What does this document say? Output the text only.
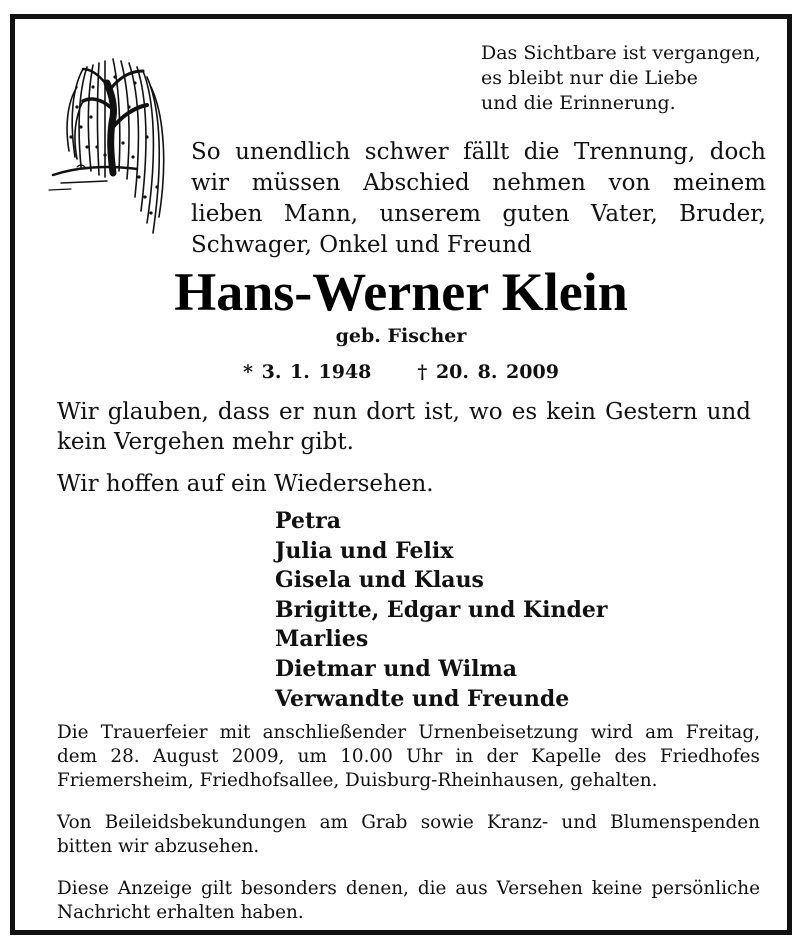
Das Sichtbare ist vergangen,
es bleibt nur die Liebe
und die Erinnerung.
So unendlich schwer fällt die Trennung, doch wir müssen Abschied nehmen von meinem lieben Mann, unserem guten Vater, Bruder, Schwager, Onkel und Freund
Hans-Werner Klein
geb. Fischer
* 3. 1. 1948 † 20. 8. 2009
Wir glauben, dass er nun dort ist, wo es kein Gestern und kein Vergehen mehr gibt.
Wir hoffen auf ein Wiedersehen.
Petra
Julia und Felix
Gisela und Klaus
Brigitte, Edgar und Kinder
Marlies
Dietmar und Wilma
Verwandte und Freunde
Die Trauerfeier mit anschließender Urnenbeisetzung wird am Freitag, dem 28. August 2009, um 10.00 Uhr in der Kapelle des Friedhofes Friemersheim, Friedhofsallee, Duisburg-Rheinhausen, gehalten.
Von Beileidsbekundungen am Grab sowie Kranz- und Blumenspenden bitten wir abzusehen.
Diese Anzeige gilt besonders denen, die aus Versehen keine persönliche Nachricht erhalten haben.
